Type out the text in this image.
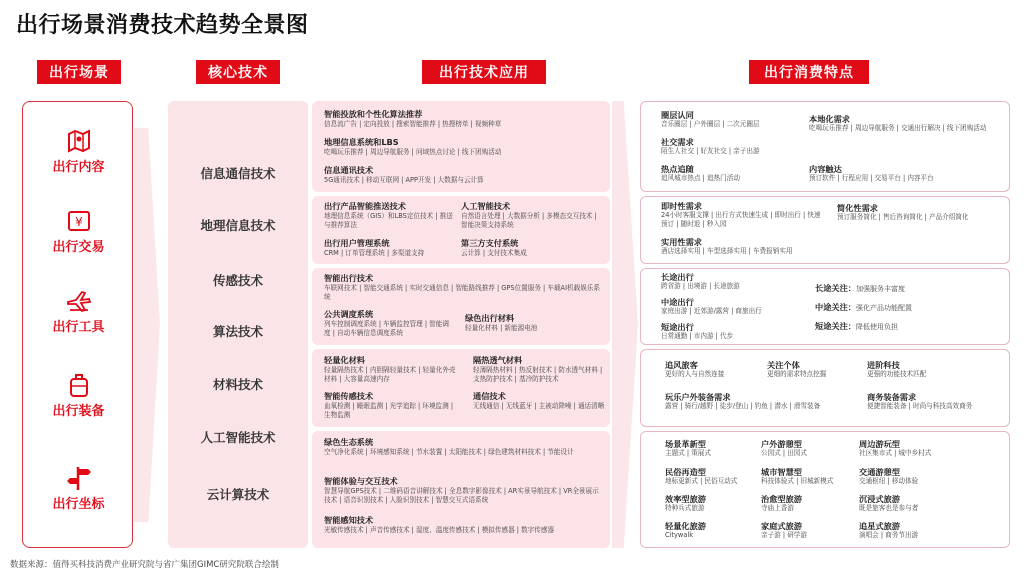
出行场景消费技术趋势全景图
出行场景	核心技术	出行技术应用	出行消费特点
出行内容
¥
出行交易
出行工具
出行装备
出行坐标
信息通信技术
地理信息技术
传感技术
算法技术
材料技术
人工智能技术
云计算技术
智能投放和个性化算法推荐
信息流广告 | 定向投放 | 搜索智能推荐 | 热搜榜单 | 视频种草
地理信息系统和LBS
吃喝玩乐推荐 | 周边导航服务 | 问域热点讨论 | 线下团购活动
信息通讯技术
5G通讯技术 | 移动互联网 | APP开发 | 大数据与云计算
出行产品智能推送技术
地理信息系统（GIS）和LBS定位技术 | 推送与推荐算法
人工智能技术
自然语言处理 | 大数据分析 | 多模态交互技术 | 智能决策支持系统
出行用户管理系统
CRM | 订单管理系统 | 多渠道支持
第三方支付系统
云计算 | 支付技术集成
智能出行技术
车联网技术 | 智能交通系统 | 实时交通信息 | 智能路线推荐 | GPS位置服务 | 车载AI机载娱乐系统
公共调度系统
列车控制调度系统 | 车辆监控管理 | 智能调度 | 自动车辆信息调度系统
绿色出行材料
轻量化材料 | 新能源电池
轻量化材料
轻量隔热技术 | 内胆隔轻量技术 | 轻量化外壳材料 | 大容量高速内存
隔热透气材料
轻薄隔热材料 | 热反射技术 | 防水透气材料 | 支热防护技术 | 基冷防护技术
智能传感技术
血氧检测 | 睡眠监测 | 光学追踪 | 环境监测 | 生物监测
通信技术
无线通信 | 无线蓝牙 | 主被动降噪 | 通话清晰
绿色生态系统
空气净化系统 | 环境感知系统 | 节水装置 | 太阳能技术 | 绿色建筑材料技术 | 节能设计
智能体验与交互技术
智慧导航GPS技术 | 二维码语音讲解技术 | 全息数字影像技术 | AR实景导航技术 | VR全景展示技术 | 语音识别技术 | 人脸识别技术 | 智慧交互式语系统
智能感知技术
光敏传感技术 | 声音传感技术 | 湿度、温度传感技术 | 模拟传感器 | 数字传感器
圈层认同
音乐圈层 | 户外圈层 | 二次元圈层
社交需求
陌生人社交 | 好友社交 | 亲子出游
热点追随
追风城市热点 | 追热门活动
本地化需求
吃喝玩乐推荐 | 周边导航服务 | 交通出行解决 | 线下团购活动
内容触达
预订软件 | 行程应用 | 交易平台 | 内容平台
即时性需求
24小时客服支撑 | 出行方式快速生成 | 即时出行 | 快速预订 | 随时退 | 秒入园
实用性需求
酒店选择实用 | 车型选择实用 | 车费报销实用
简化性需求
预订服务简化 | 售后咨询简化 | 产品介绍简化
长途出行
跨省游 | 出境游 | 长途旅游
中途出行
家庭出游 | 近郊游/露营 | 商旅出行
短途出行
日常通勤 | 市内游 | 代步
长途关注：加强服务丰富度
中途关注：强化产品功能配置
短途关注：降低使用负担
追风旅客
更好的人与自然连接
关注个体
更细的需求特点挖掘
进阶科技
更强的功能技术匹配
玩乐户外装备需求
露营 | 骑行/越野 | 徒步/登山 | 钓鱼 | 潜水 | 滑雪装备
商务装备需求
便捷智能装备 | 时尚与科技高效商务
场景革新型
主题式 | 策展式
户外游憩型
公园式 | 田园式
周边游玩型
社区集市式 | 城中乡村式
民俗再造型
地标更新式 | 民俗互动式
城市智慧型
科技体验式 | 旧城新模式
交通游憩型
交通枢纽 | 移动体验
效率型旅游
特种兵式旅游
治愈型旅游
寺庙上香游
沉浸式旅游
既是旅客也是参与者
轻量化旅游
Citywalk
家庭式旅游
亲子游 | 研学游
追星式旅游
演唱会 | 商务节出游
数据来源：值得买科技消费产业研究院与省广集团GIMC研究院联合绘制
